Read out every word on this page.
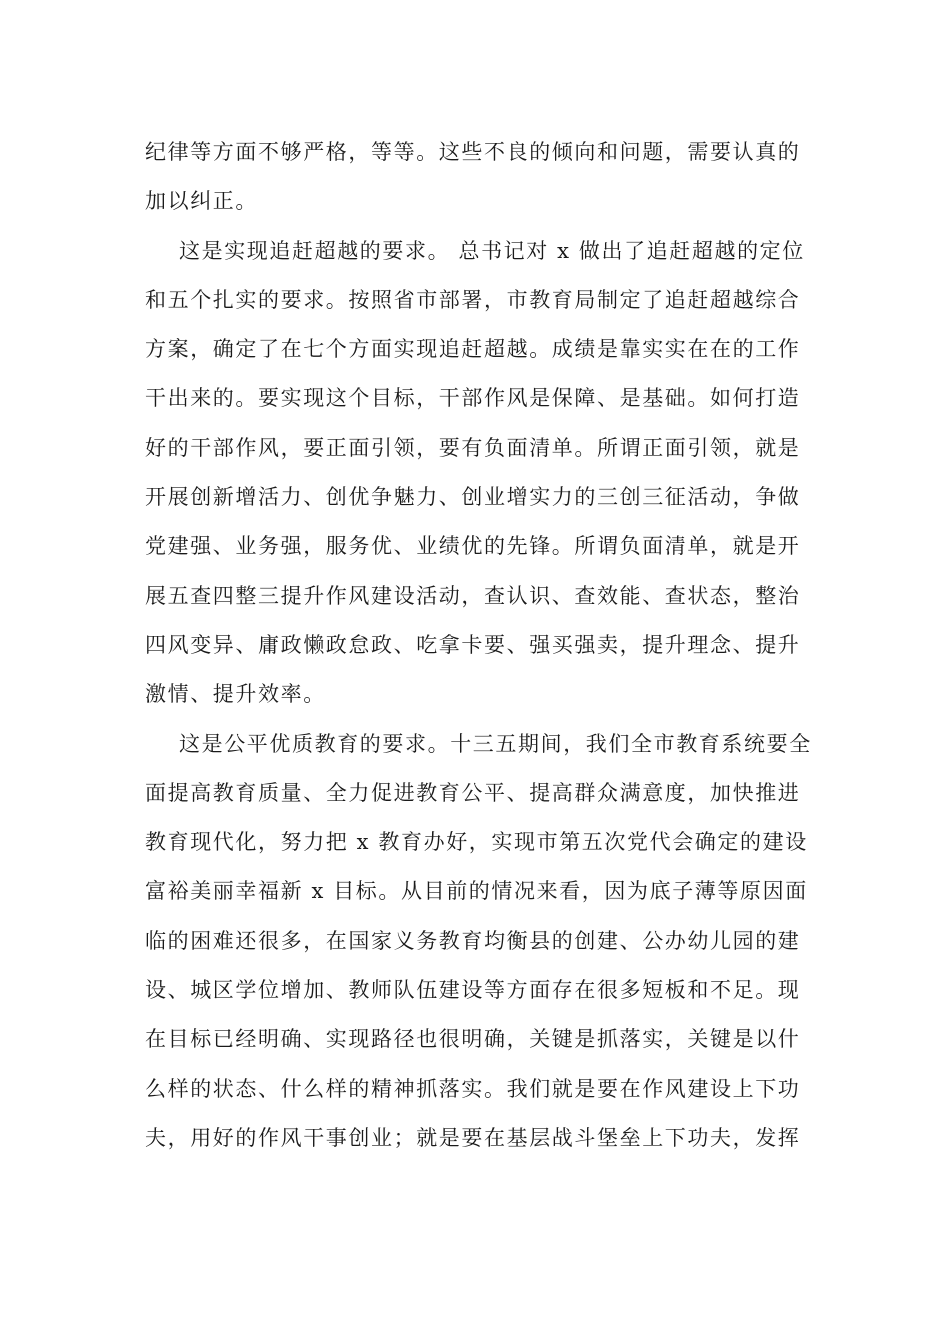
纪律等方面不够严格，等等。这些不良的倾向和问题，需要认真的
加以纠正。
这是实现追赶超越的要求。 总书记对 x 做出了追赶超越的定位
和五个扎实的要求。按照省市部署，市教育局制定了追赶超越综合
方案，确定了在七个方面实现追赶超越。成绩是靠实实在在的工作
干出来的。要实现这个目标，干部作风是保障、是基础。如何打造
好的干部作风，要正面引领，要有负面清单。所谓正面引领，就是
开展创新增活力、创优争魅力、创业增实力的三创三征活动，争做
党建强、业务强，服务优、业绩优的先锋。所谓负面清单，就是开
展五查四整三提升作风建设活动，查认识、查效能、查状态，整治
四风变异、庸政懒政怠政、吃拿卡要、强买强卖，提升理念、提升
激情、提升效率。
这是公平优质教育的要求。十三五期间，我们全市教育系统要全
面提高教育质量、全力促进教育公平、提高群众满意度，加快推进
教育现代化，努力把 x 教育办好，实现市第五次党代会确定的建设
富裕美丽幸福新 x 目标。从目前的情况来看，因为底子薄等原因面
临的困难还很多，在国家义务教育均衡县的创建、公办幼儿园的建
设、城区学位增加、教师队伍建设等方面存在很多短板和不足。现
在目标已经明确、实现路径也很明确，关键是抓落实，关键是以什
么样的状态、什么样的精神抓落实。我们就是要在作风建设上下功
夫，用好的作风干事创业；就是要在基层战斗堡垒上下功夫，发挥
